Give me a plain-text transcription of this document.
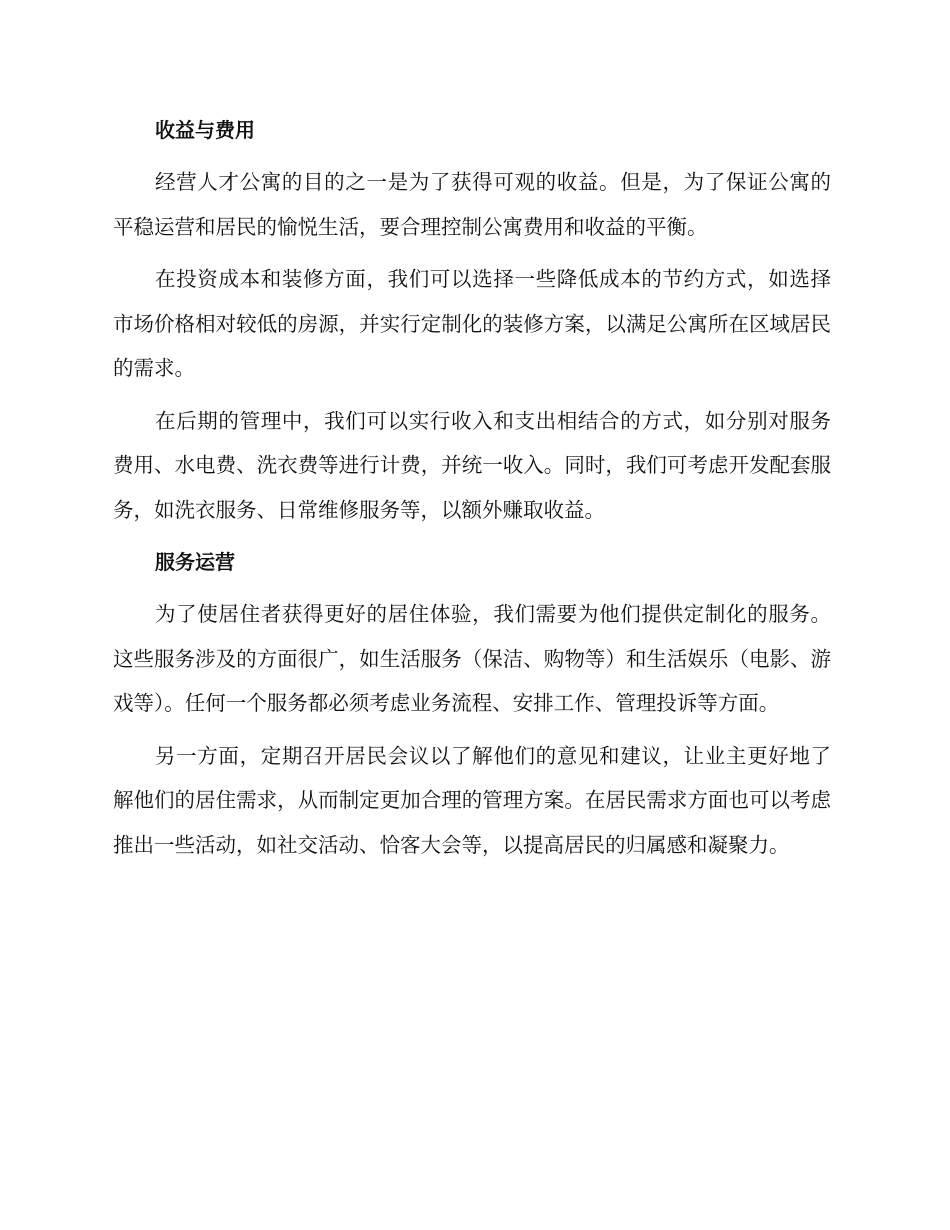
收益与费用

经营人才公寓的目的之一是为了获得可观的收益。但是，为了保证公寓的平稳运营和居民的愉悦生活，要合理控制公寓费用和收益的平衡。

在投资成本和装修方面，我们可以选择一些降低成本的节约方式，如选择市场价格相对较低的房源，并实行定制化的装修方案，以满足公寓所在区域居民的需求。

在后期的管理中，我们可以实行收入和支出相结合的方式，如分别对服务费用、水电费、洗衣费等进行计费，并统一收入。同时，我们可考虑开发配套服务，如洗衣服务、日常维修服务等，以额外赚取收益。

服务运营

为了使居住者获得更好的居住体验，我们需要为他们提供定制化的服务。这些服务涉及的方面很广，如生活服务（保洁、购物等）和生活娱乐（电影、游戏等）。任何一个服务都必须考虑业务流程、安排工作、管理投诉等方面。

另一方面，定期召开居民会议以了解他们的意见和建议，让业主更好地了解他们的居住需求，从而制定更加合理的管理方案。在居民需求方面也可以考虑推出一些活动，如社交活动、恰客大会等，以提高居民的归属感和凝聚力。
